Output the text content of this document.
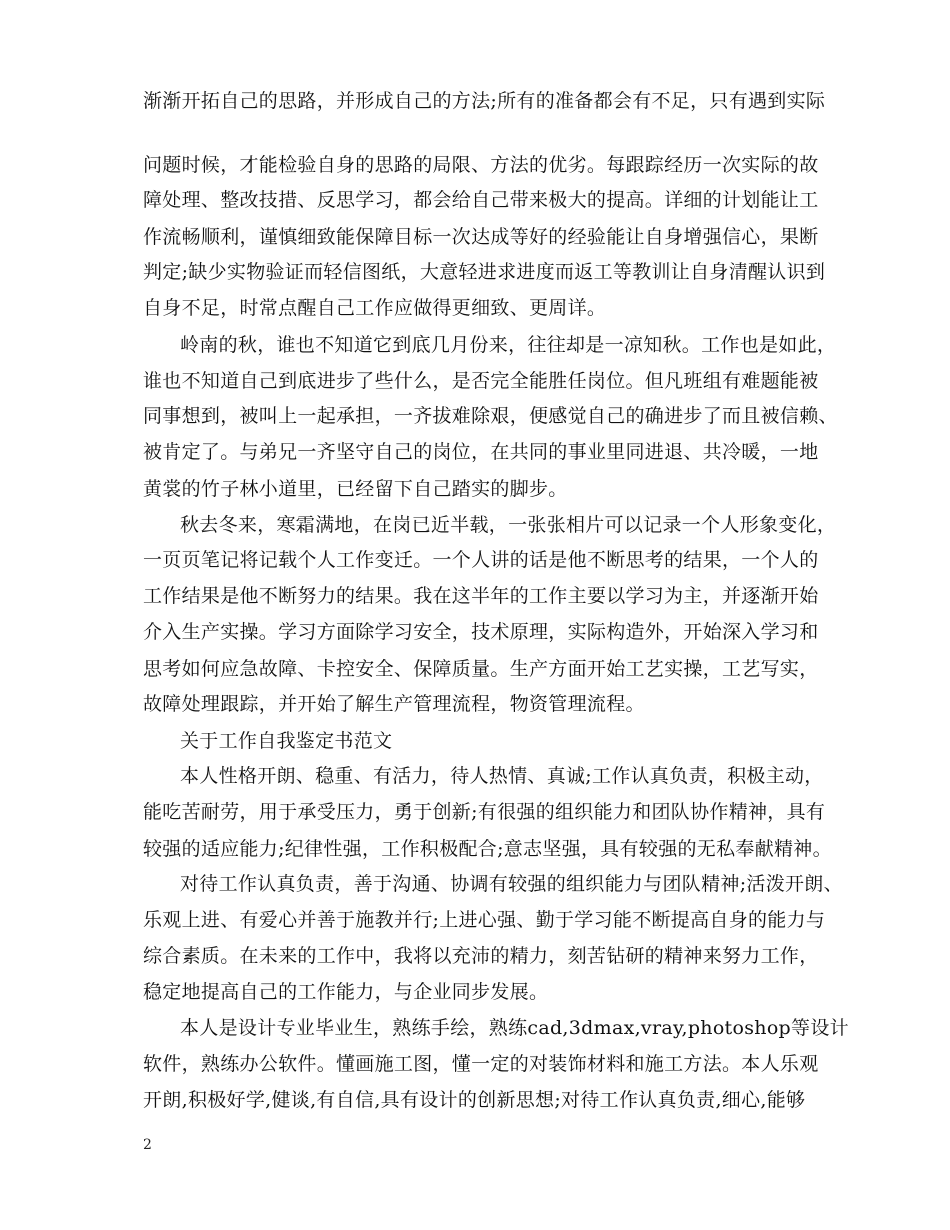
渐渐开拓自己的思路，并形成自己的方法;所有的准备都会有不足，只有遇到实际
问题时候，才能检验自身的思路的局限、方法的优劣。每跟踪经历一次实际的故
障处理、整改技措、反思学习，都会给自己带来极大的提高。详细的计划能让工
作流畅顺利，谨慎细致能保障目标一次达成等好的经验能让自身增强信心，果断
判定;缺少实物验证而轻信图纸，大意轻进求进度而返工等教训让自身清醒认识到
自身不足，时常点醒自己工作应做得更细致、更周详。
岭南的秋，谁也不知道它到底几月份来，往往却是一凉知秋。工作也是如此，
谁也不知道自己到底进步了些什么，是否完全能胜任岗位。但凡班组有难题能被
同事想到，被叫上一起承担，一齐拔难除艰，便感觉自己的确进步了而且被信赖、
被肯定了。与弟兄一齐坚守自己的岗位，在共同的事业里同进退、共冷暖，一地
黄裳的竹子林小道里，已经留下自己踏实的脚步。
秋去冬来，寒霜满地，在岗已近半载，一张张相片可以记录一个人形象变化，
一页页笔记将记载个人工作变迁。一个人讲的话是他不断思考的结果，一个人的
工作结果是他不断努力的结果。我在这半年的工作主要以学习为主，并逐渐开始
介入生产实操。学习方面除学习安全，技术原理，实际构造外，开始深入学习和
思考如何应急故障、卡控安全、保障质量。生产方面开始工艺实操，工艺写实，
故障处理跟踪，并开始了解生产管理流程，物资管理流程。
关于工作自我鉴定书范文
本人性格开朗、稳重、有活力，待人热情、真诚;工作认真负责，积极主动，
能吃苦耐劳，用于承受压力，勇于创新;有很强的组织能力和团队协作精神，具有
较强的适应能力;纪律性强，工作积极配合;意志坚强，具有较强的无私奉献精神。
对待工作认真负责，善于沟通、协调有较强的组织能力与团队精神;活泼开朗、
乐观上进、有爱心并善于施教并行;上进心强、勤于学习能不断提高自身的能力与
综合素质。在未来的工作中，我将以充沛的精力，刻苦钻研的精神来努力工作，
稳定地提高自己的工作能力，与企业同步发展。
本人是设计专业毕业生，熟练手绘，熟练cad,3dmax,vray,photoshop等设计
软件，熟练办公软件。懂画施工图，懂一定的对装饰材料和施工方法。本人乐观
开朗,积极好学,健谈,有自信,具有设计的创新思想;对待工作认真负责,细心,能够
2
